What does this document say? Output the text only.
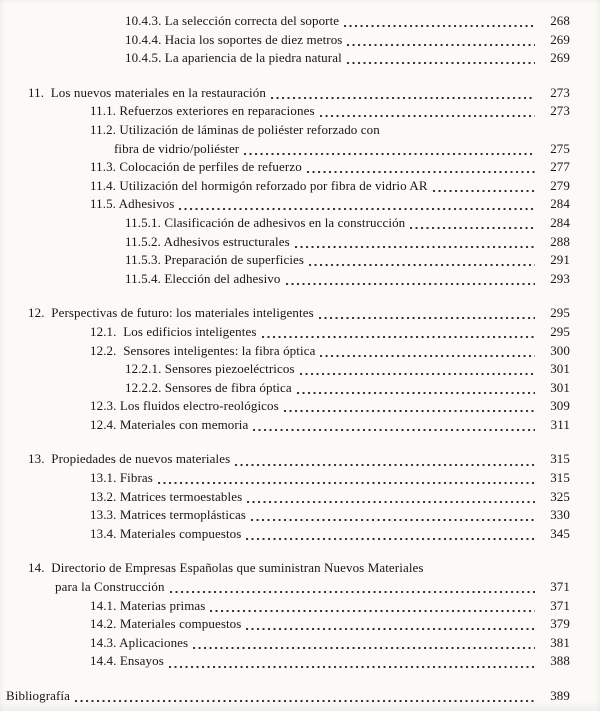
10.4.3. La selección correcta del soporte	268
10.4.4. Hacia los soportes de diez metros	269
10.4.5. La apariencia de la piedra natural	269
11.  Los nuevos materiales en la restauración	273
11.1. Refuerzos exteriores en reparaciones	273
11.2. Utilización de láminas de poliéster reforzado con
fibra de vidrio/poliéster	275
11.3. Colocación de perfiles de refuerzo	277
11.4. Utilización del hormigón reforzado por fibra de vidrio AR	279
11.5. Adhesivos	284
11.5.1. Clasificación de adhesivos en la construcción	284
11.5.2. Adhesivos estructurales	288
11.5.3. Preparación de superficies	291
11.5.4. Elección del adhesivo	293
12.  Perspectivas de futuro: los materiales inteligentes	295
12.1.  Los edificios inteligentes	295
12.2.  Sensores inteligentes: la fibra óptica	300
12.2.1. Sensores piezoeléctricos	301
12.2.2. Sensores de fibra óptica	301
12.3. Los fluidos electro-reológicos	309
12.4. Materiales con memoria	311
13.  Propiedades de nuevos materiales	315
13.1. Fibras	315
13.2. Matrices termoestables	325
13.3. Matrices termoplásticas	330
13.4. Materiales compuestos	345
14.  Directorio de Empresas Españolas que suministran Nuevos Materiales
para la Construcción	371
14.1. Materias primas	371
14.2. Materiales compuestos	379
14.3. Aplicaciones	381
14.4. Ensayos	388
Bibliografía	389
